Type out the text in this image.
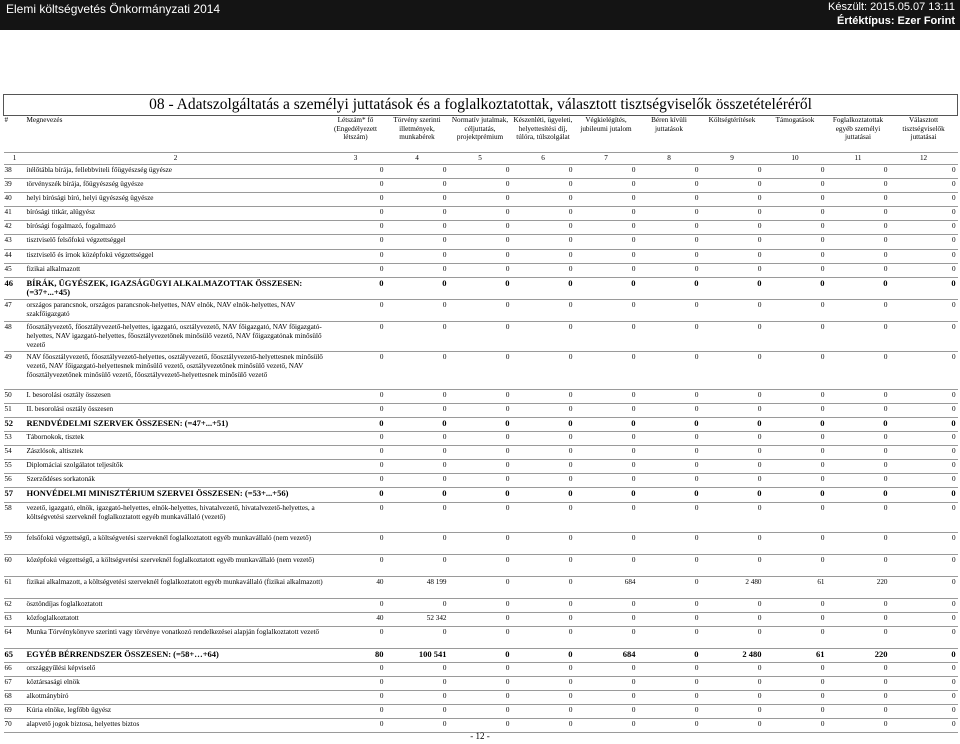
Elemi költségvetés Önkormányzati 2014	Készült: 2015.05.07 13:11
Értéktípus: Ezer Forint
08 - Adatszolgáltatás a személyi juttatások és a foglalkoztatottak, választott tisztségviselők összetételéréről											
#	Megnevezés	Létszám* fő (Engedélyezett létszám)	Törvény szerinti illetmények, munkabérek	Normatív jutalmak, céljuttatás, projektprémium	Készenléti, ügyeleti, helyettesítési díj, túlóra, túlszolgálat	Végkielégítés, jubileumi jutalom	Béren kívüli juttatások	Költségtérítések	Támogatások	Foglalkoztatottak egyéb személyi juttatásai	Választott tisztségviselők juttatásai
1	2	3	4	5	6	7	8	9	10	11	12
38	ítélőtábla bírája, fellebbviteli főügyészség ügyésze	0	0	0	0	0	0	0	0	0	0
39	törvényszék bírája, főügyészség ügyésze	0	0	0	0	0	0	0	0	0	0
40	helyi bírósági bíró, helyi ügyészség ügyésze	0	0	0	0	0	0	0	0	0	0
41	bírósági titkár, alügyész	0	0	0	0	0	0	0	0	0	0
42	bírósági fogalmazó, fogalmazó	0	0	0	0	0	0	0	0	0	0
43	tisztviselő felsőfokú végzettséggel	0	0	0	0	0	0	0	0	0	0
44	tisztviselő és írnok középfokú végzettséggel	0	0	0	0	0	0	0	0	0	0
45	fizikai alkalmazott	0	0	0	0	0	0	0	0	0	0
46	BÍRÁK, ÜGYÉSZEK, IGAZSÁGÜGYI ALKALMAZOTTAK ÖSSZESEN: (=37+...+45)	0	0	0	0	0	0	0	0	0	0
47	országos parancsnok, országos parancsnok-helyettes, NAV elnök, NAV elnök-helyettes, NAV szakfőigazgató	0	0	0	0	0	0	0	0	0	0
48	főosztályvezető, főosztályvezető-helyettes, igazgató, osztályvezető, NAV főigazgató, NAV főigazgató-helyettes, NAV igazgató-helyettes, főosztályvezetőnek minősülő vezető, NAV főigazgatónak minősülő vezető	0	0	0	0	0	0	0	0	0	0
49	NAV főosztályvezető, főosztályvezető-helyettes, osztályvezető, főosztályvezető-helyettesnek minősülő vezető, NAV főigazgató-helyettesnek minősülő vezető, osztályvezetőnek minősülő vezető, NAV főosztályvezetőnek minősülő vezető, főosztályvezető-helyettesnek minősülő vezető	0	0	0	0	0	0	0	0	0	0
50	I. besorolási osztály összesen	0	0	0	0	0	0	0	0	0	0
51	II. besorolási osztály összesen	0	0	0	0	0	0	0	0	0	0
52	RENDVÉDELMI SZERVEK ÖSSZESEN: (=47+...+51)	0	0	0	0	0	0	0	0	0	0
53	Tábornokok, tisztek	0	0	0	0	0	0	0	0	0	0
54	Zászlósok, altisztek	0	0	0	0	0	0	0	0	0	0
55	Diplomáciai szolgálatot teljesítők	0	0	0	0	0	0	0	0	0	0
56	Szerződéses sorkatonák	0	0	0	0	0	0	0	0	0	0
57	HONVÉDELMI MINISZTÉRIUM SZERVEI ÖSSZESEN: (=53+...+56)	0	0	0	0	0	0	0	0	0	0
58	vezető, igazgató, elnök, igazgató-helyettes, elnök-helyettes, hivatalvezető, hivatalvezető-helyettes, a költségvetési szerveknél foglalkoztatott egyéb munkavállaló (vezető)	0	0	0	0	0	0	0	0	0	0
59	felsőfokú végzettségű, a költségvetési szerveknél foglalkoztatott egyéb munkavállaló (nem vezető)	0	0	0	0	0	0	0	0	0	0
60	középfokú végzettségű, a költségvetési szerveknél foglalkoztatott egyéb munkavállaló (nem vezető)	0	0	0	0	0	0	0	0	0	0
61	fizikai alkalmazott, a költségvetési szerveknél foglalkoztatott egyéb munkavállaló (fizikai alkalmazott)	40	48 199	0	0	684	0	2 480	61	220	0
62	ösztöndíjas foglalkoztatott	0	0	0	0	0	0	0	0	0	0
63	közfoglalkoztatott	40	52 342	0	0	0	0	0	0	0	0
64	Munka Törvénykönyve szerinti vagy törvénye vonatkozó rendelkezései alapján foglalkoztatott vezető	0	0	0	0	0	0	0	0	0	0
65	EGYÉB BÉRRENDSZER ÖSSZESEN: (=58+…+64)	80	100 541	0	0	684	0	2 480	61	220	0
66	országgyűlési képviselő	0	0	0	0	0	0	0	0	0	0
67	köztársasági elnök	0	0	0	0	0	0	0	0	0	0
68	alkotmánybíró	0	0	0	0	0	0	0	0	0	0
69	Kúria elnöke, legfőbb ügyész	0	0	0	0	0	0	0	0	0	0
70	alapvető jogok biztosa, helyettes biztos	0	0	0	0	0	0	0	0	0	0
- 12 -
